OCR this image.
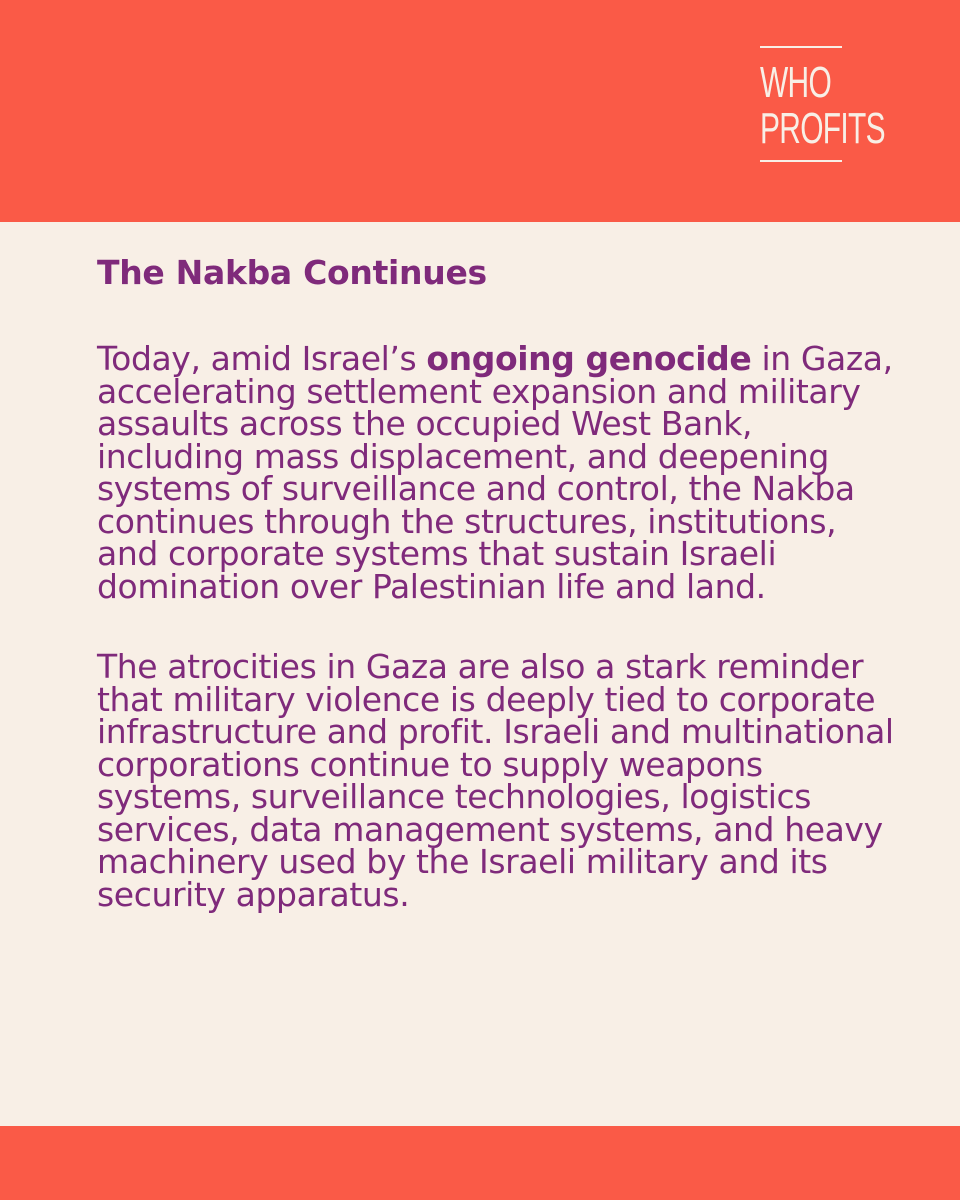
WHO
PROFITS
The Nakba Continues

Today, amid Israel’s ongoing genocide in Gaza, accelerating settlement expansion and military assaults across the occupied West Bank, including mass displacement, and deepening systems of surveillance and control, the Nakba continues through the structures, institutions, and corporate systems that sustain Israeli domination over Palestinian life and land.

The atrocities in Gaza are also a stark reminder that military violence is deeply tied to corporate infrastructure and profit. Israeli and multinational corporations continue to supply weapons systems, surveillance technologies, logistics services, data management systems, and heavy machinery used by the Israeli military and its security apparatus.
